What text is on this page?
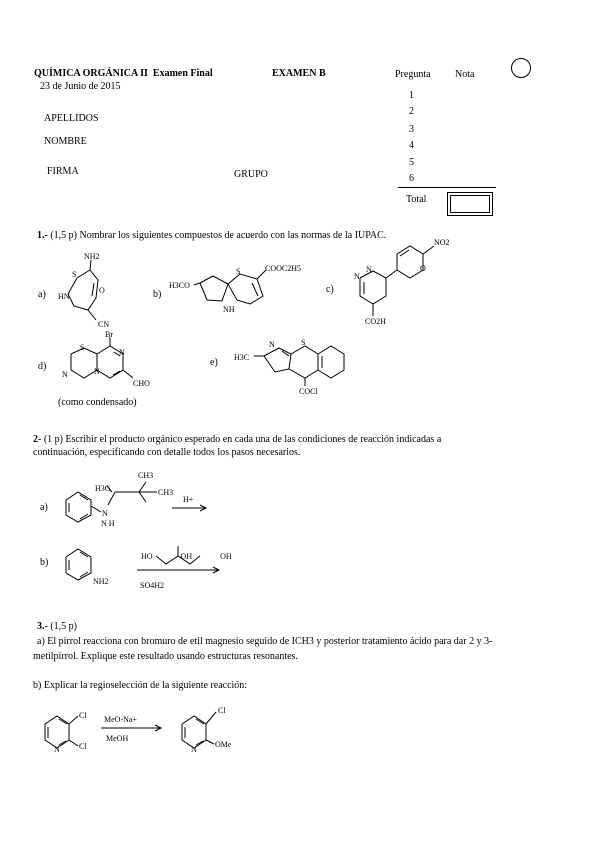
QUÍMICA ORGÁNICA II Examen Final
23 de Junio de 2015
EXAMEN B
APELLIDOS
NOMBRE
FIRMA	GRUPO
Pregunta Nota
1
2
3
4
5
6
Total
1.- (1,5 p) Nombrar los siguientes compuestos de acuerdo con las normas de la IUPAC.
a)	b)	c)
d)	e)
NH2
S
HN
O
CN
H3CO
S	COOC2H5
NH
N
N	O
NO2
CO2H
Br
S
N
N	N
CHO
(como condensado)
H3C
N	S
COCl
2- (1 p) Escribir el producto orgánico esperado en cada una de las condiciones de reacción indicadas a
continuación, especificando con detalle todos los pasos necesarios.
a)
H3C
CH3
CH3
N
N H
H+
b)
NH2
HO OH OH
SO4H2
3.- (1,5 p)
a) El pirrol reacciona con bromuro de etil magnesio seguido de ICH3 y posterior tratamiento ácido para dar 2 y 3-
metilpirrol. Explique este resultado usando estructuras resonantes.
b) Explicar la regioselección de la siguiente reacción:
Cl
Cl
N
MeO-Na+
MeOH
Cl
N
OMe
